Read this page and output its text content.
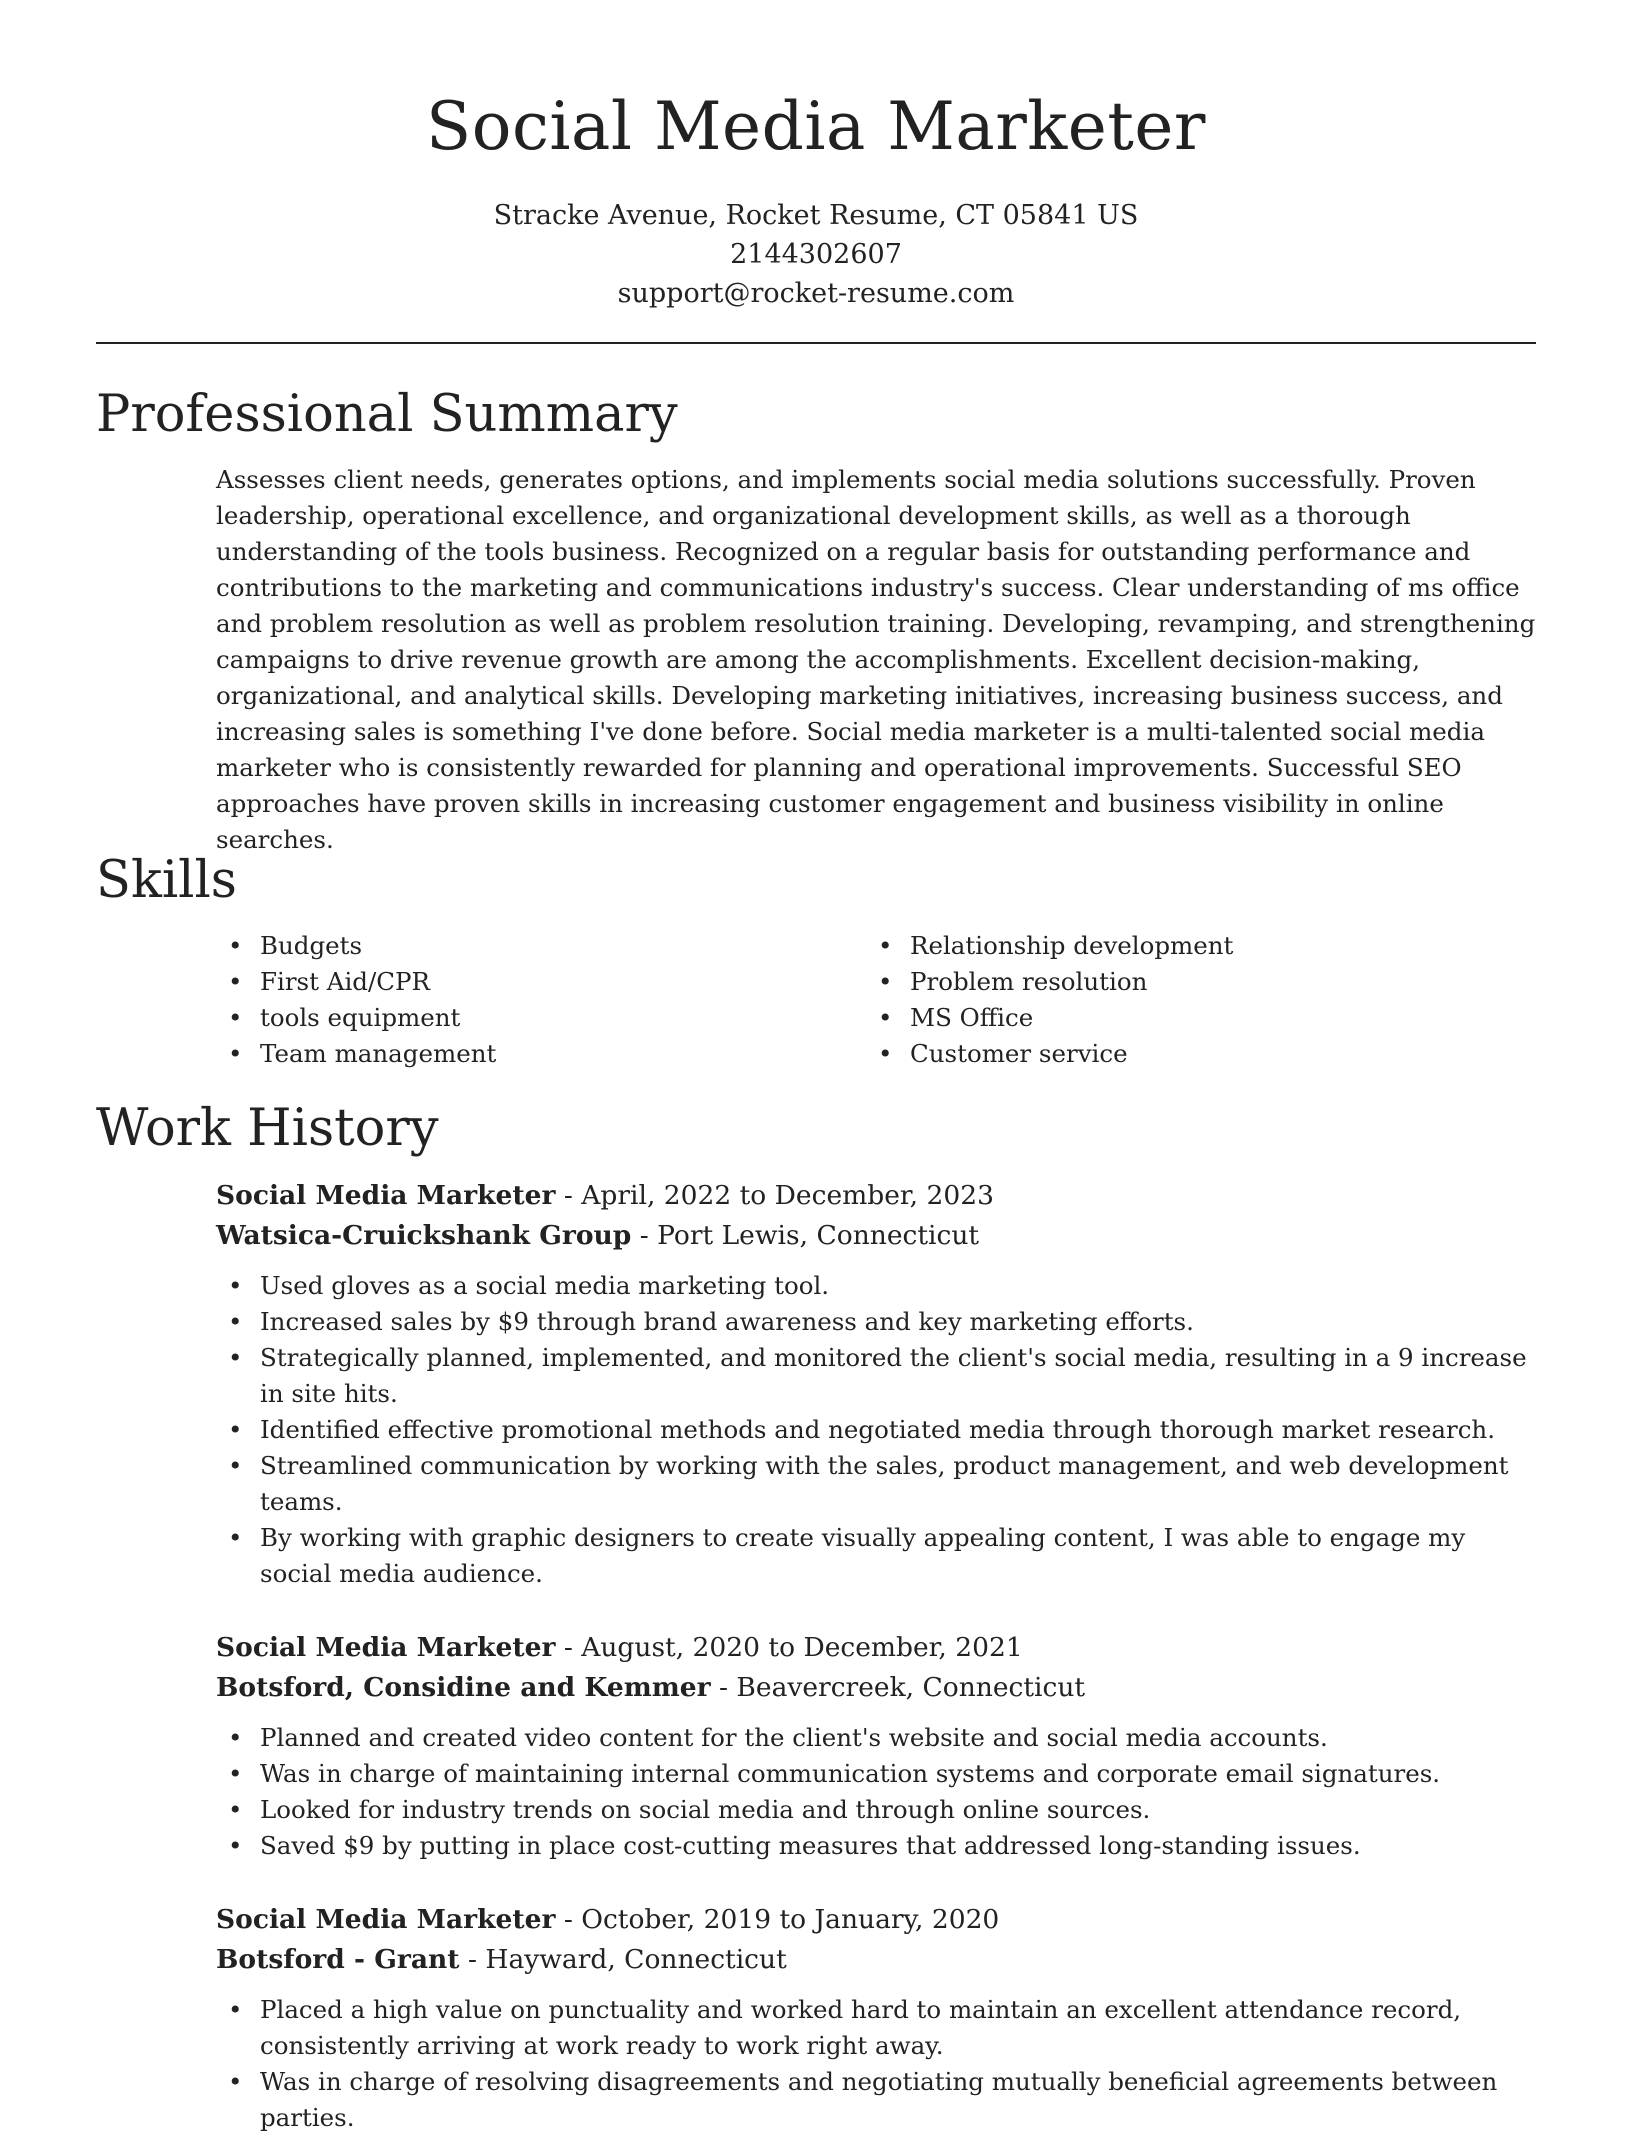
Social Media Marketer
Stracke Avenue, Rocket Resume, CT 05841 US
2144302607
support@rocket-resume.com
Professional Summary

Assesses client needs, generates options, and implements social media solutions successfully. Proven leadership, operational excellence, and organizational development skills, as well as a thorough understanding of the tools business. Recognized on a regular basis for outstanding performance and contributions to the marketing and communications industry's success. Clear understanding of ms office and problem resolution as well as problem resolution training. Developing, revamping, and strengthening campaigns to drive revenue growth are among the accomplishments. Excellent decision-making, organizational, and analytical skills. Developing marketing initiatives, increasing business success, and increasing sales is something I've done before. Social media marketer is a multi-talented social media marketer who is consistently rewarded for planning and operational improvements. Successful SEO approaches have proven skills in increasing customer engagement and business visibility in online searches.

Skills
• Budgets
• First Aid/CPR
• tools equipment
• Team management
• Relationship development
• Problem resolution
• MS Office
• Customer service
Work History
Social Media Marketer - April, 2022 to December, 2023
Watsica-Cruickshank Group - Port Lewis, Connecticut
• Used gloves as a social media marketing tool.
• Increased sales by $9 through brand awareness and key marketing efforts.
• Strategically planned, implemented, and monitored the client's social media, resulting in a 9 increase in site hits.
• Identified effective promotional methods and negotiated media through thorough market research.
• Streamlined communication by working with the sales, product management, and web development teams.
• By working with graphic designers to create visually appealing content, I was able to engage my social media audience.
Social Media Marketer - August, 2020 to December, 2021
Botsford, Considine and Kemmer - Beavercreek, Connecticut
• Planned and created video content for the client's website and social media accounts.
• Was in charge of maintaining internal communication systems and corporate email signatures.
• Looked for industry trends on social media and through online sources.
• Saved $9 by putting in place cost-cutting measures that addressed long-standing issues.
Social Media Marketer - October, 2019 to January, 2020
Botsford - Grant - Hayward, Connecticut
• Placed a high value on punctuality and worked hard to maintain an excellent attendance record, consistently arriving at work ready to work right away.
• Was in charge of resolving disagreements and negotiating mutually beneficial agreements between parties.
